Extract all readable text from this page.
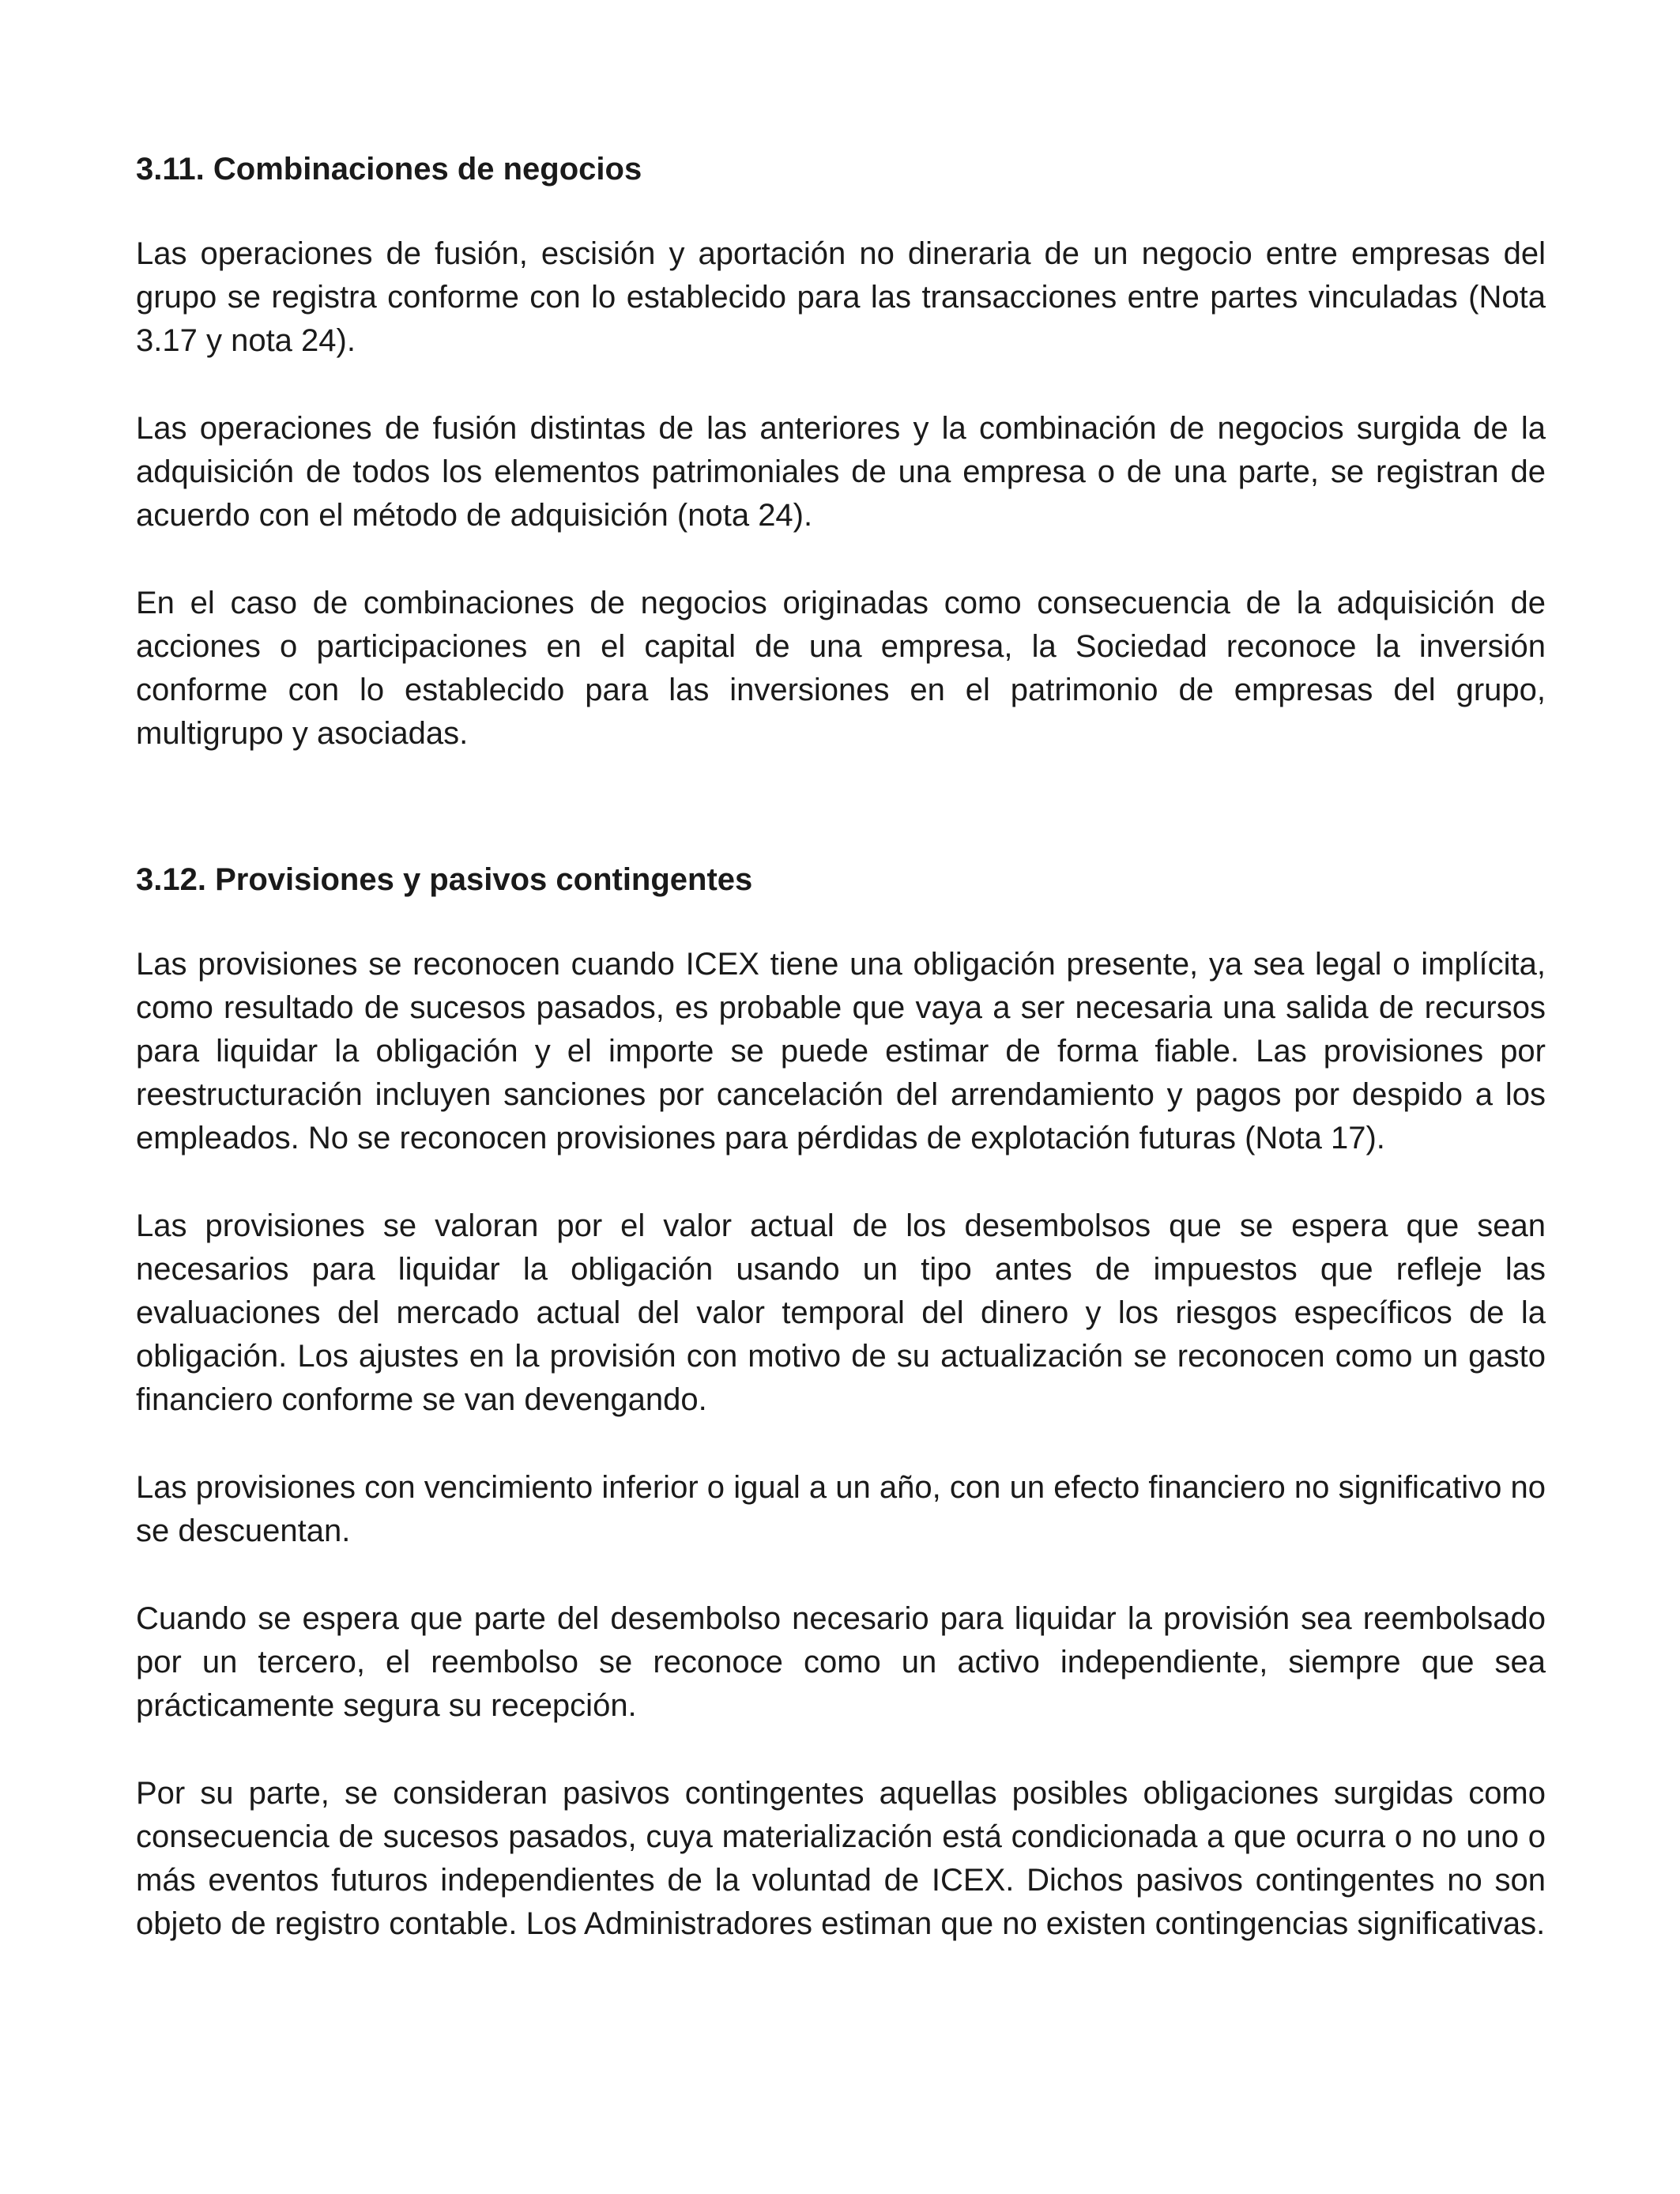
3.11. Combinaciones de negocios

Las operaciones de fusión, escisión y aportación no dineraria de un negocio entre empresas del grupo se registra conforme con lo establecido para las transacciones entre partes vinculadas (Nota 3.17 y nota 24).

Las operaciones de fusión distintas de las anteriores y la combinación de negocios surgida de la adquisición de todos los elementos patrimoniales de una empresa o de una parte, se registran de acuerdo con el método de adquisición (nota 24).

En el caso de combinaciones de negocios originadas como consecuencia de la adquisición de acciones o participaciones en el capital de una empresa, la Sociedad reconoce la inversión conforme con lo establecido para las inversiones en el patrimonio de empresas del grupo, multigrupo y asociadas.

3.12. Provisiones y pasivos contingentes

Las provisiones se reconocen cuando ICEX tiene una obligación presente, ya sea legal o implícita, como resultado de sucesos pasados, es probable que vaya a ser necesaria una salida de recursos para liquidar la obligación y el importe se puede estimar de forma fiable. Las provisiones por reestructuración incluyen sanciones por cancelación del arrendamiento y pagos por despido a los empleados. No se reconocen provisiones para pérdidas de explotación futuras (Nota 17).

Las provisiones se valoran por el valor actual de los desembolsos que se espera que sean necesarios para liquidar la obligación usando un tipo antes de impuestos que refleje las evaluaciones del mercado actual del valor temporal del dinero y los riesgos específicos de la obligación. Los ajustes en la provisión con motivo de su actualización se reconocen como un gasto financiero conforme se van devengando.

Las provisiones con vencimiento inferior o igual a un año, con un efecto financiero no significativo no se descuentan.

Cuando se espera que parte del desembolso necesario para liquidar la provisión sea reembolsado por un tercero, el reembolso se reconoce como un activo independiente, siempre que sea prácticamente segura su recepción.

Por su parte, se consideran pasivos contingentes aquellas posibles obligaciones surgidas como consecuencia de sucesos pasados, cuya materialización está condicionada a que ocurra o no uno o más eventos futuros independientes de la voluntad de ICEX. Dichos pasivos contingentes no son objeto de registro contable. Los Administradores estiman que no existen contingencias significativas.
